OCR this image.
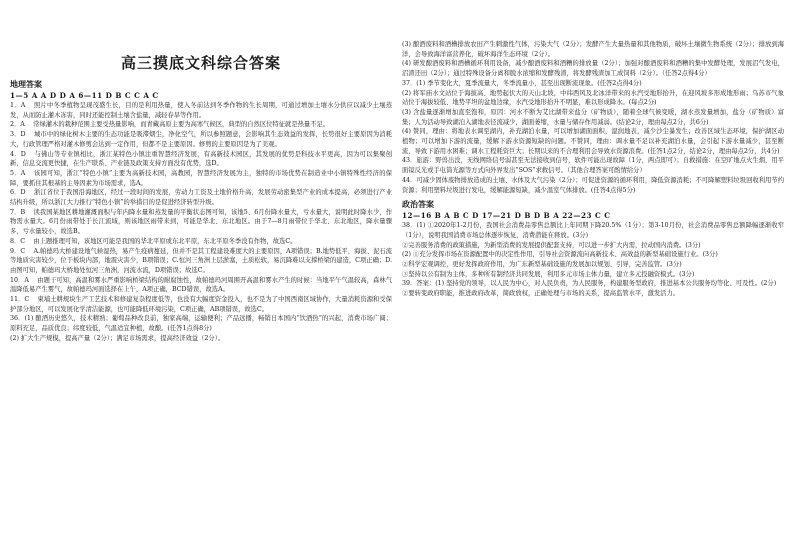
高三摸底文科综合答案
地理答案
1—5 A A D D A 6—11 D B C C A C

1．A 　照片中冬季植物呈现茂盛生长，目的是利用热量，使入冬前达到冬季作物的生长周期，可通过增加土壤水分供应以减少土壤蒸发，从而防止灌木冻害，同时还能控制土壤含盐量，减轻春旱等作用。

2．A 　常绿灌木的栽种范围主要受热量影响，而青藏高原主要为高寒气候区，典型的自然区位特征就是热量不足。

3．D 　城市中的绿化树木主要的生态功能是吸滞烟尘，净化空气，所以参照题意，会影响其生态效益的发挥，长势很好主要原因为消耗大，行政管理严格对灌木修剪会达到一定作用，但都不是主要原因。修剪的主要原因是为了美观。

4．D 　与佛山等专业镇相比，浙江某特色小镇注重智慧经济发展，有高新技术园区，其发展的优势是科技水平更高，因为可以集聚创新，信息交流更快捷，在生产联系、产业链及政策支持方面没有优势，选D。

5．A 　该园可知，浙江“特色小镇”主要为高新技术园，高教园，智慧经济发展为主，独特的市场优势在制造业中小镇特殊性经济的保障，要抓住其根基的主导因素为市场需求，选A。

6．D 　浙江省位于我国沿海地区，经过一段时间的发展，劳动力工资及土地价格升高，发展劳动密集型产业的成本提高，必须进行产业结构升级，所以浙江大力推行“特色小镇”的举措目的是促进经济转型升级。

7．B 　读我国某地区耕地灌溉面积与年内降水量和蒸发量的平衡状态图可知，该地5、6月份降水量大，亏水量大，说明此时降水少，作物需水量大。6月份雨带处于长江流域，则该地区雨带来到，可能是华北、东北地区。由于7—8月雨带位于华北、东北地区，降水量骤多，亏水量较小，故选B。

8．C 　由上题推理可知，该地区可能是我国的华北平原或东北平原，东北平原冬季没有作物，故选C。

9．C 　A.帕德玛大桥建设地气候湿热，易产生疫病蔓延，但并不是其工程建设难度大的主要原因，A项错误；B.地势低平，海拔、泥石流等地质灾害较少，位于板块内部，地震灾害少，B项错误；C.恒河三角洲上层淤塞，土质松软，易沉降难以支撑桥梁的建造，C项正确；D.由图可知，帕德玛大桥地处恒河三角洲，河流水流，D项错误；故选C。

10．A 　由题干可知，高温和雾水严重影响桥梁结构的耐腐蚀性，故帕德玛河周围开高温和雾水产生的时候：当地平午气温较高，森林气温降低易产生雾气，故帕德玛河面选择在上午，A项正确，BCD错误，故选A。

11．C 　柬埔土耕规块生产工艺技术和修建复杂程度低等，也没有大幅度资金投入，也不是为了中国西南区域协作，大量消耗资源和受保护部分地区，可以发展化学清洁能源，也可能降低环境污染，C项正确，AB项错误，故选C。

36．(1) 酿酒历史悠久，技术精熟；葡萄品种改良前，独家高端，运输便利；产品远播，畅销日本国内“饮酒热”的兴起，消费市场广阔；原料充足，品质优良；纬度较低，气温适宜种植，故酿。(任答1点得8分)

(2) 扩大生产规模，提高产量（2分）；满足市场需求，提高经济效益（2分）。

(3) 酿酒废料和酒槽排放农田产生刺激性气体，污染大气（2分）；发酵产生大量热量和其他物质，破坏土壤微生物系统（2分）；排放到海洋，会导致海洋富营养化，破坏海洋生态环境（2分）。

(4) 研发酿酒废料和酒槽循环利用设备，减少酿酒废料和酒糟的排放量（2分）；加强对酿酒废料和酒糟的集中发酵处理，发展沼气发电，沼渣还田（2分）；通过特殊设备分离和脱水浓缩和发酵残渣，将发酵残渣加工成饲料（2分）。（任答2点得4分）

37．(1) 季节变化大，夏季流量大，冬季流量小，甚至出现断流现象。(任答2点得4分)

(2) 将军庙水文站位于海拔高、地势起伏大的天山北坡，中纬西风及北冰洋带来的水汽受地形抬升，在迎风坡多形成地形雨；乌苏市气象站位于海拔较低、地势平坦的盆地边缘，水汽受地形抬升不明显，难以形成降水。(每点2分)

(3) 含盐量逐渐增加直至饱和，原因：河水不断为艾比湖带来盐分（矿物质），随着全球气候变暖，湖水蒸发量增加，盐分（矿物质）富集；人为活动导致湖泊入湖地表径流减少，湖面萎缩，水量与储存作用减弱。(结论2分，理由每点2分，共6分)

(4) 赞同，理由：将地表水调至湖内，补充湖泊水量，可以增加湖面面积，湿润地表，减少沙尘暴发生；改善区域生态环境，保护湖区动植物；可以增加下游的流量，缓解下游水资源短缺的问题。不赞同，理由：调水量不足以补充湖泊水量，会引起下游水量减少，甚至断流，导致下游用水困难；调水工程耗资巨大；长期以来的不合理利用会导致水资源浪费。(任答1点2分，结论2分，理由每点2分，共4分)

43．旅游：野兽出没，无线网络信号弱甚至无法接收到信号，软件可能出现故障（1分，两点即可）；自救措施：在空旷地点火生烟，用平面镜反光或手电筒光源等方式向外界发出“SOS”求救信号。（其他合理答案可酌情给分）

44．可减少固体废物排放造成的土壤、水体及大气污染（2分）；可促进资源的循环利用，降低资源消耗；不可降解塑料垃圾回收利用节约资源；利用塑料垃圾进行发电，缓解能源短缺，减少温室气体排放。(任答4点得5分)

政治答案
12—16 B A B C D 17—21 D B D B A 22—23 C C

38．(1) ①2020年1-2月份，我国社会消费品零售总额比上年同期下降20.5%（1分）；第3-10月份，社会消费品零售总额降幅逐渐收窄（1分），说明我国消费市场总体逐步恢复，消费潜能在释放。(3分)

②完善服务消费的政策措施，为新型消费的发展提供配套支持，可以进一步扩大内需，拉动国内消费。(3分)

(2) ①充分发挥市场在资源配置中的决定性作用，引导社会资源流向高新技术、高效益的新型基础设施行业。(3分)

②科学宏观调控，更好发挥政府作用，为广东新型基础设施的发展加以规划、引导，完善监管。(3分)

③坚持以公有制为主体，多种所有制经济共同发展，利用多元市场主体力量，建立多元投融资模式。(3分)

39．答案：(1) 坚持党的领导，以人民为中心，对人民负责，为人民服务，构建服务型政府，推进基本公共服务均等化、可及性。(2分)

②要转变政府职能，推进政府改革，简政放权，正确处理与市场的关系，提高监管水平，激发活力。
